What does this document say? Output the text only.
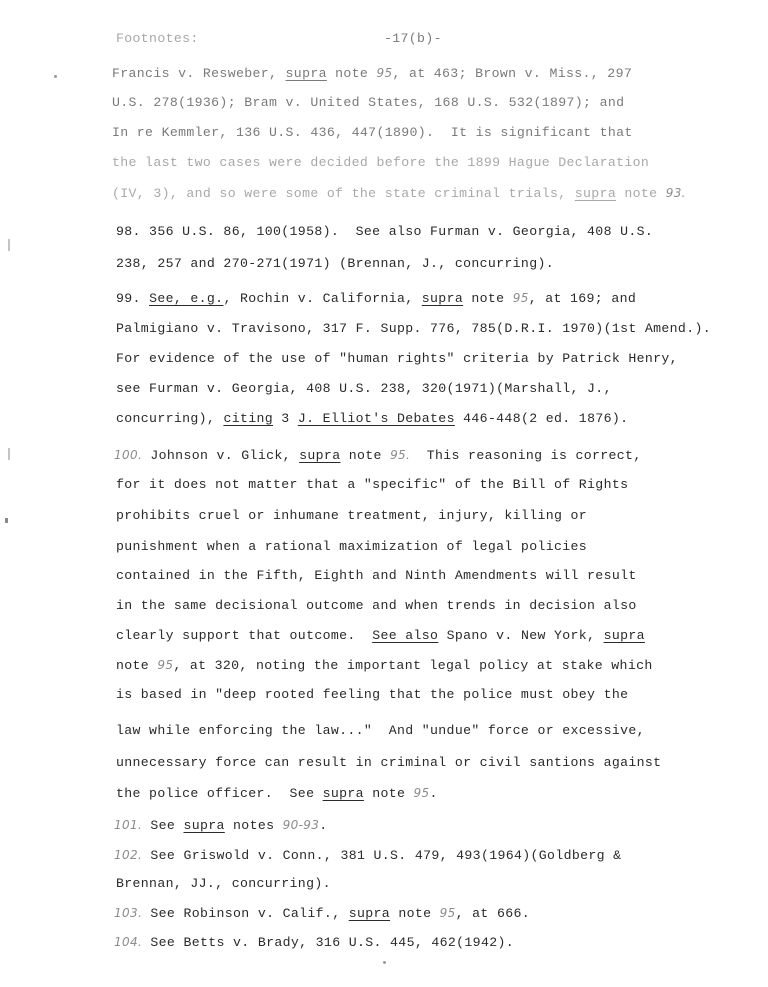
Footnotes:	-17(b)-
Francis v. Resweber, supra note 95, at 463; Brown v. Miss., 297
U.S. 278(1936); Bram v. United States, 168 U.S. 532(1897); and
In re Kemmler, 136 U.S. 436, 447(1890).  It is significant that
the last two cases were decided before the 1899 Hague Declaration
(IV, 3), and so were some of the state criminal trials, supra note 93.
98. 356 U.S. 86, 100(1958).  See also Furman v. Georgia, 408 U.S.
238, 257 and 270-271(1971) (Brennan, J., concurring).
99. See, e.g., Rochin v. California, supra note 95, at 169; and
Palmigiano v. Travisono, 317 F. Supp. 776, 785(D.R.I. 1970)(1st Amend.).
For evidence of the use of "human rights" criteria by Patrick Henry,
see Furman v. Georgia, 408 U.S. 238, 320(1971)(Marshall, J.,
concurring), citing 3 J. Elliot's Debates 446-448(2 ed. 1876).
100. Johnson v. Glick, supra note 95.  This reasoning is correct,
for it does not matter that a "specific" of the Bill of Rights
prohibits cruel or inhumane treatment, injury, killing or
punishment when a rational maximization of legal policies
contained in the Fifth, Eighth and Ninth Amendments will result
in the same decisional outcome and when trends in decision also
clearly support that outcome.  See also Spano v. New York, supra
note 95, at 320, noting the important legal policy at stake which
is based in "deep rooted feeling that the police must obey the
law while enforcing the law..."  And "undue" force or excessive,
unnecessary force can result in criminal or civil santions against
the police officer.  See supra note 95.
101. See supra notes 90-93.
102. See Griswold v. Conn., 381 U.S. 479, 493(1964)(Goldberg &
Brennan, JJ., concurring).
103. See Robinson v. Calif., supra note 95, at 666.
104. See Betts v. Brady, 316 U.S. 445, 462(1942).
